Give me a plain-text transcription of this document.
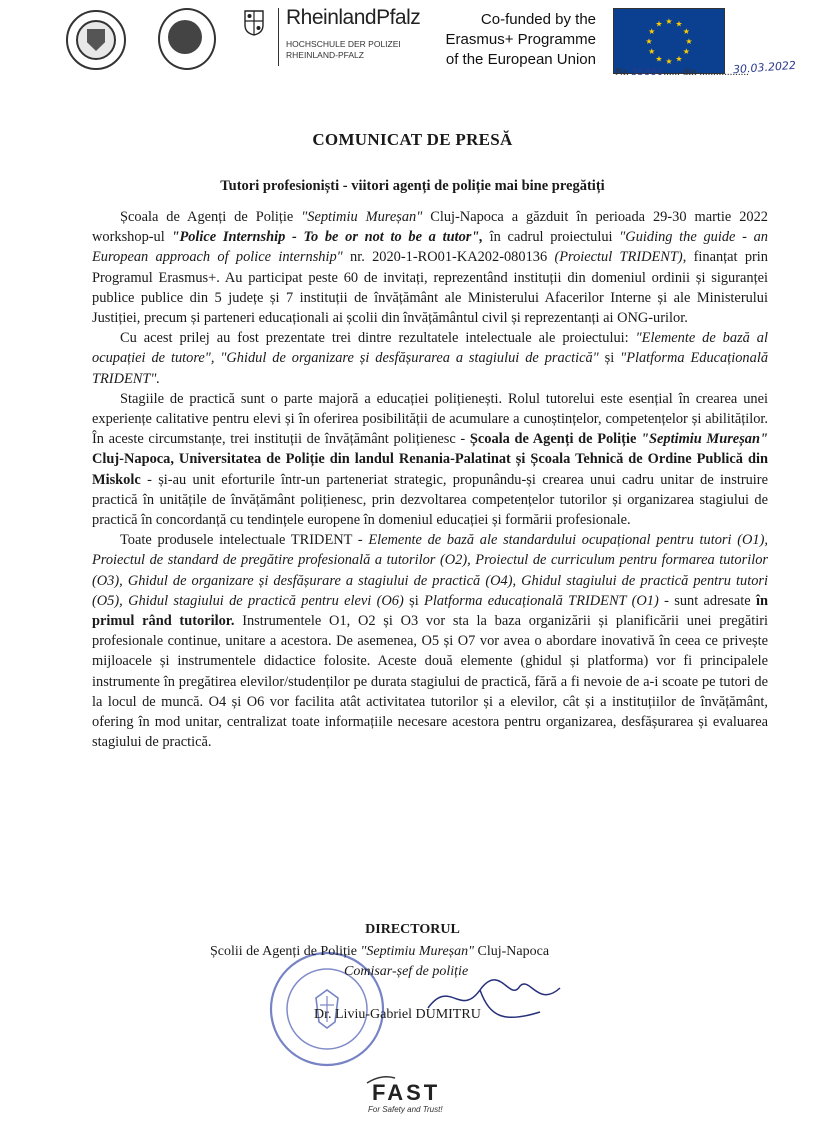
RheinlandPfalz
HOCHSCHULE DER POLIZEI
RHEINLAND-PFALZ
Co-funded by the
Erasmus+ Programme
of the European Union
★
★
★
★
★
★
★
★
★ ★ ★
★
Nr. 55886...... din ..................
30.03.2022
COMUNICAT DE PRESĂ
Tutori profesioniști - viitori agenți de poliție mai bine pregătiți

Școala de Agenți de Poliție "Septimiu Mureșan" Cluj-Napoca a găzduit în perioada 29-30 martie 2022 workshop-ul "Police Internship - To be or not to be a tutor", în cadrul proiectului "Guiding the guide - an European approach of police internship" nr. 2020-1-RO01-KA202-080136 (Proiectul TRIDENT), finanțat prin Programul Erasmus+. Au participat peste 60 de invitați, reprezentând instituții din domeniul ordinii și siguranței publice publice din 5 județe și 7 instituții de învățământ ale Ministerului Afacerilor Interne și ale Ministerului Justiției, precum și parteneri educaționali ai școlii din învățământul civil și reprezentanți ai ONG-urilor.

Cu acest prilej au fost prezentate trei dintre rezultatele intelectuale ale proiectului: "Elemente de bază al ocupației de tutore", "Ghidul de organizare și desfășurarea a stagiului de practică" și "Platforma Educațională TRIDENT".

Stagiile de practică sunt o parte majoră a educației polițienești. Rolul tutorelui este esențial în crearea unei experiențe calitative pentru elevi și în oferirea posibilității de acumulare a cunoștințelor, competențelor și abilităților. În aceste circumstanțe, trei instituții de învățământ polițienesc - Școala de Agenți de Poliție "Septimiu Mureșan" Cluj-Napoca, Universitatea de Poliție din landul Renania-Palatinat și Școala Tehnică de Ordine Publică din Miskolc - și-au unit eforturile într-un parteneriat strategic, propunându-și crearea unui cadru unitar de instruire practică în unitățile de învățământ polițienesc, prin dezvoltarea competențelor tutorilor și organizarea stagiului de practică în concordanță cu tendințele europene în domeniul educației și formării profesionale.

Toate produsele intelectuale TRIDENT - Elemente de bază ale standardului ocupațional pentru tutori (O1), Proiectul de standard de pregătire profesională a tutorilor (O2), Proiectul de curriculum pentru formarea tutorilor (O3), Ghidul de organizare și desfășurare a stagiului de practică (O4), Ghidul stagiului de practică pentru tutori (O5), Ghidul stagiului de practică pentru elevi (O6) și Platforma educațională TRIDENT (O1) - sunt adresate în primul rând tutorilor. Instrumentele O1, O2 și O3 vor sta la baza organizării și planificării unei pregătiri profesionale continue, unitare a acestora. De asemenea, O5 și O7 vor avea o abordare inovativă în ceea ce privește mijloacele și instrumentele didactice folosite. Aceste două elemente (ghidul și platforma) vor fi principalele instrumente în pregătirea elevilor/studenților pe durata stagiului de practică, fără a fi nevoie de a-i scoate pe tutori de la locul de muncă. O4 și O6 vor facilita atât activitatea tutorilor și a elevilor, cât și a instituțiilor de învățământ, ofering în mod unitar, centralizat toate informațiile necesare acestora pentru organizarea, desfășurarea și evaluarea stagiului de practică.

DIRECTORUL
Școlii de Agenți de Poliție "Septimiu Mureșan" Cluj-Napoca
Comisar-șef de poliție
Dr. Liviu-Gabriel DUMITRU
FAST
For Safety and Trust!
